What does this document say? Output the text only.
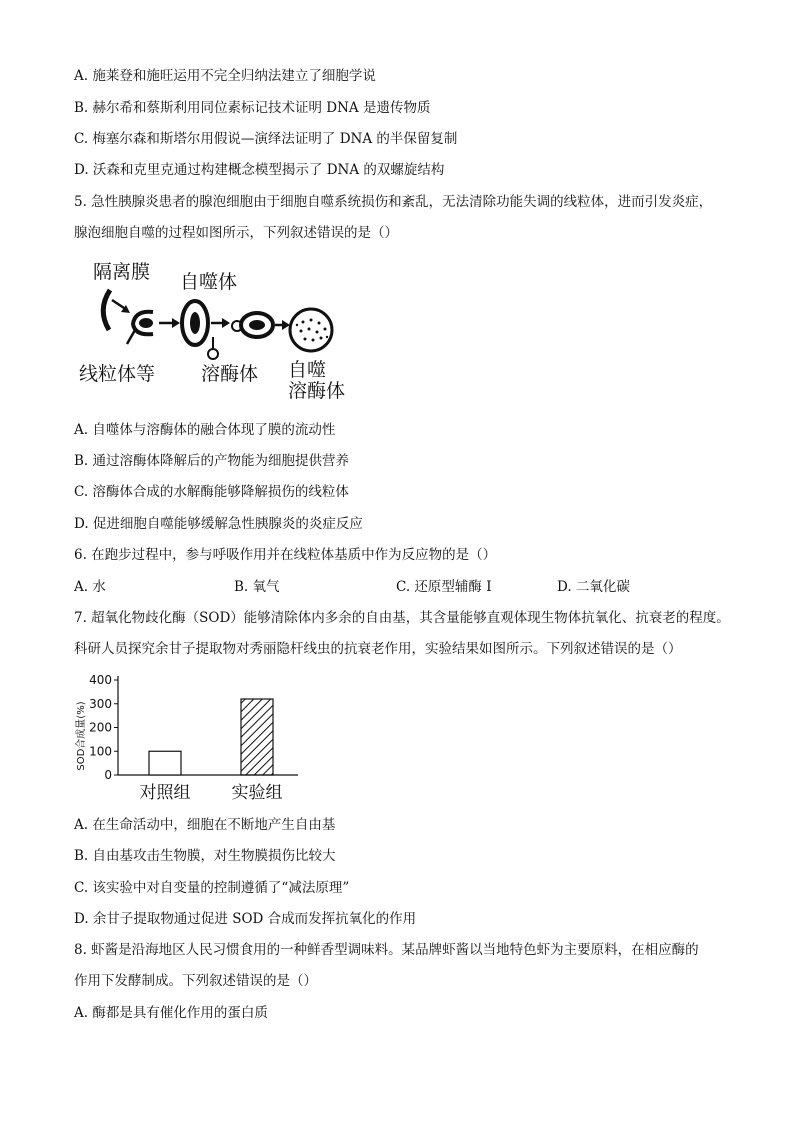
A. 施莱登和施旺运用不完全归纳法建立了细胞学说
B. 赫尔希和蔡斯利用同位素标记技术证明 DNA 是遗传物质
C. 梅塞尔森和斯塔尔用假说—演绎法证明了 DNA 的半保留复制
D. 沃森和克里克通过构建概念模型揭示了 DNA 的双螺旋结构
5. 急性胰腺炎患者的腺泡细胞由于细胞自噬系统损伤和紊乱，无法清除功能失调的线粒体，进而引发炎症，
腺泡细胞自噬的过程如图所示，下列叙述错误的是（）
隔离膜 自噬体
线粒体等 溶酶体 自噬
溶酶体
A. 自噬体与溶酶体的融合体现了膜的流动性
B. 通过溶酶体降解后的产物能为细胞提供营养
C. 溶酶体合成的水解酶能够降解损伤的线粒体
D. 促进细胞自噬能够缓解急性胰腺炎的炎症反应
6. 在跑步过程中，参与呼吸作用并在线粒体基质中作为反应物的是（）
A. 水	B. 氧气	C. 还原型辅酶 I	D. 二氧化碳
7. 超氧化物歧化酶（SOD）能够清除体内多余的自由基，其含量能够直观体现生物体抗氧化、抗衰老的程度。
科研人员探究余甘子提取物对秀丽隐杆线虫的抗衰老作用，实验结果如图所示。下列叙述错误的是（）
SOD合成量(%)
0
100
200
300
400
对照组 实验组
A. 在生命活动中，细胞在不断地产生自由基
B. 自由基攻击生物膜，对生物膜损伤比较大
C. 该实验中对自变量的控制遵循了“减法原理”
D. 余甘子提取物通过促进 SOD 合成而发挥抗氧化的作用
8. 虾酱是沿海地区人民习惯食用的一种鲜香型调味料。某品牌虾酱以当地特色虾为主要原料，在相应酶的
作用下发酵制成。下列叙述错误的是（）
A. 酶都是具有催化作用的蛋白质
